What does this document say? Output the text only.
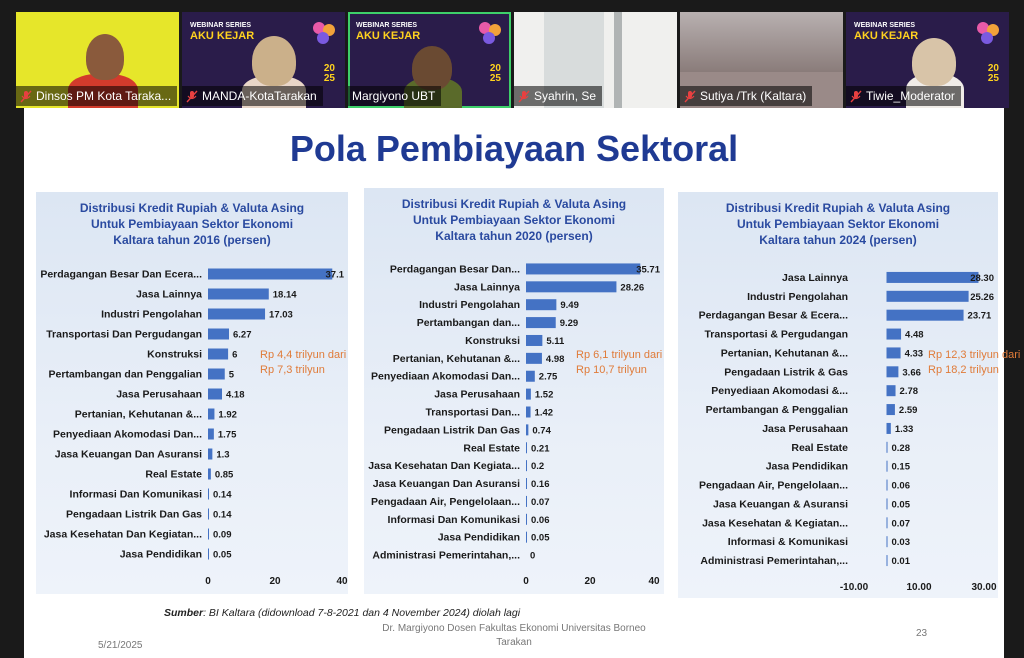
Dinsos PM Kota Taraka...
WEBINAR SERIES
AKU KEJAR
20
25
MANDA-KotaTarakan
WEBINAR SERIES
AKU KEJAR
20
25
Margiyono UBT	Syahrin, Se	Sutiya /Trk (Kaltara)
WEBINAR SERIES
AKU KEJAR
20
25
Tiwie_Moderator
Pola Pembiayaan Sektoral
Distribusi Kredit Rupiah & Valuta Asing
Untuk Pembiayaan Sektor Ekonomi
Kaltara tahun 2016 (persen)
Perdagangan Besar Dan Ecera...	37.1
Jasa Lainnya	18.14
Industri Pengolahan	17.03
Transportasi Dan Pergudangan	6.27
Konstruksi	6
Pertambangan dan Penggalian	5
Jasa Perusahaan	4.18
Pertanian, Kehutanan &... 1.92
Penyediaan Akomodasi Dan... 1.75
Jasa Keuangan Dan Asuransi 1.3
Real Estate 0.85
Informasi Dan Komunikasi 0.14
Pengadaan Listrik Dan Gas 0.14
Jasa Kesehatan Dan Kegiatan... 0.09
Jasa Pendidikan 0.05
0	20	40
Rp 4,4 trilyun dari
Rp 7,3 trilyun
Distribusi Kredit Rupiah & Valuta Asing
Untuk Pembiayaan Sektor Ekonomi
Kaltara tahun 2020 (persen)
Perdagangan Besar Dan...	35.71
Jasa Lainnya	28.26
Industri Pengolahan	9.49
Pertambangan dan...	9.29
Konstruksi	5.11
Pertanian, Kehutanan &...	4.98
Penyediaan Akomodasi Dan... 2.75
Jasa Perusahaan 1.52
Transportasi Dan... 1.42
Pengadaan Listrik Dan Gas 0.74
Real Estate 0.21
Jasa Kesehatan Dan Kegiata... 0.2
Jasa Keuangan Dan Asuransi 0.16
Pengadaan Air, Pengelolaan... 0.07
Informasi Dan Komunikasi 0.06
Jasa Pendidikan 0.05
Administrasi Pemerintahan,... 0
0	20	40
Rp 6,1 trilyun dari
Rp 10,7 trilyun
Distribusi Kredit Rupiah & Valuta Asing
Untuk Pembiayaan Sektor Ekonomi
Kaltara tahun 2024 (persen)
Jasa Lainnya	28.30
Industri Pengolahan	25.26
Perdagangan Besar & Ecera...	23.71
Transportasi & Pergudangan	4.48
Pertanian, Kehutanan &...	4.33
Pengadaan Listrik & Gas	3.66
Penyediaan Akomodasi &...	2.78
Pertambangan & Penggalian	2.59
Jasa Perusahaan	1.33
Real Estate	0.28
Jasa Pendidikan	0.15
Pengadaan Air, Pengelolaan...	0.06
Jasa Keuangan & Asuransi	0.05
Jasa Kesehatan & Kegiatan...	0.07
Informasi & Komunikasi	0.03
Administrasi Pemerintahan,...	0.01
-10.00	10.00	30.00
Rp 12,3 trilyun dari
Rp 18,2 trilyun
Sumber: BI Kaltara (didownload 7-8-2021 dan 4 November 2024) diolah lagi
5/21/2025
Dr. Margiyono Dosen Fakultas Ekonomi Universitas Borneo
Tarakan
23
